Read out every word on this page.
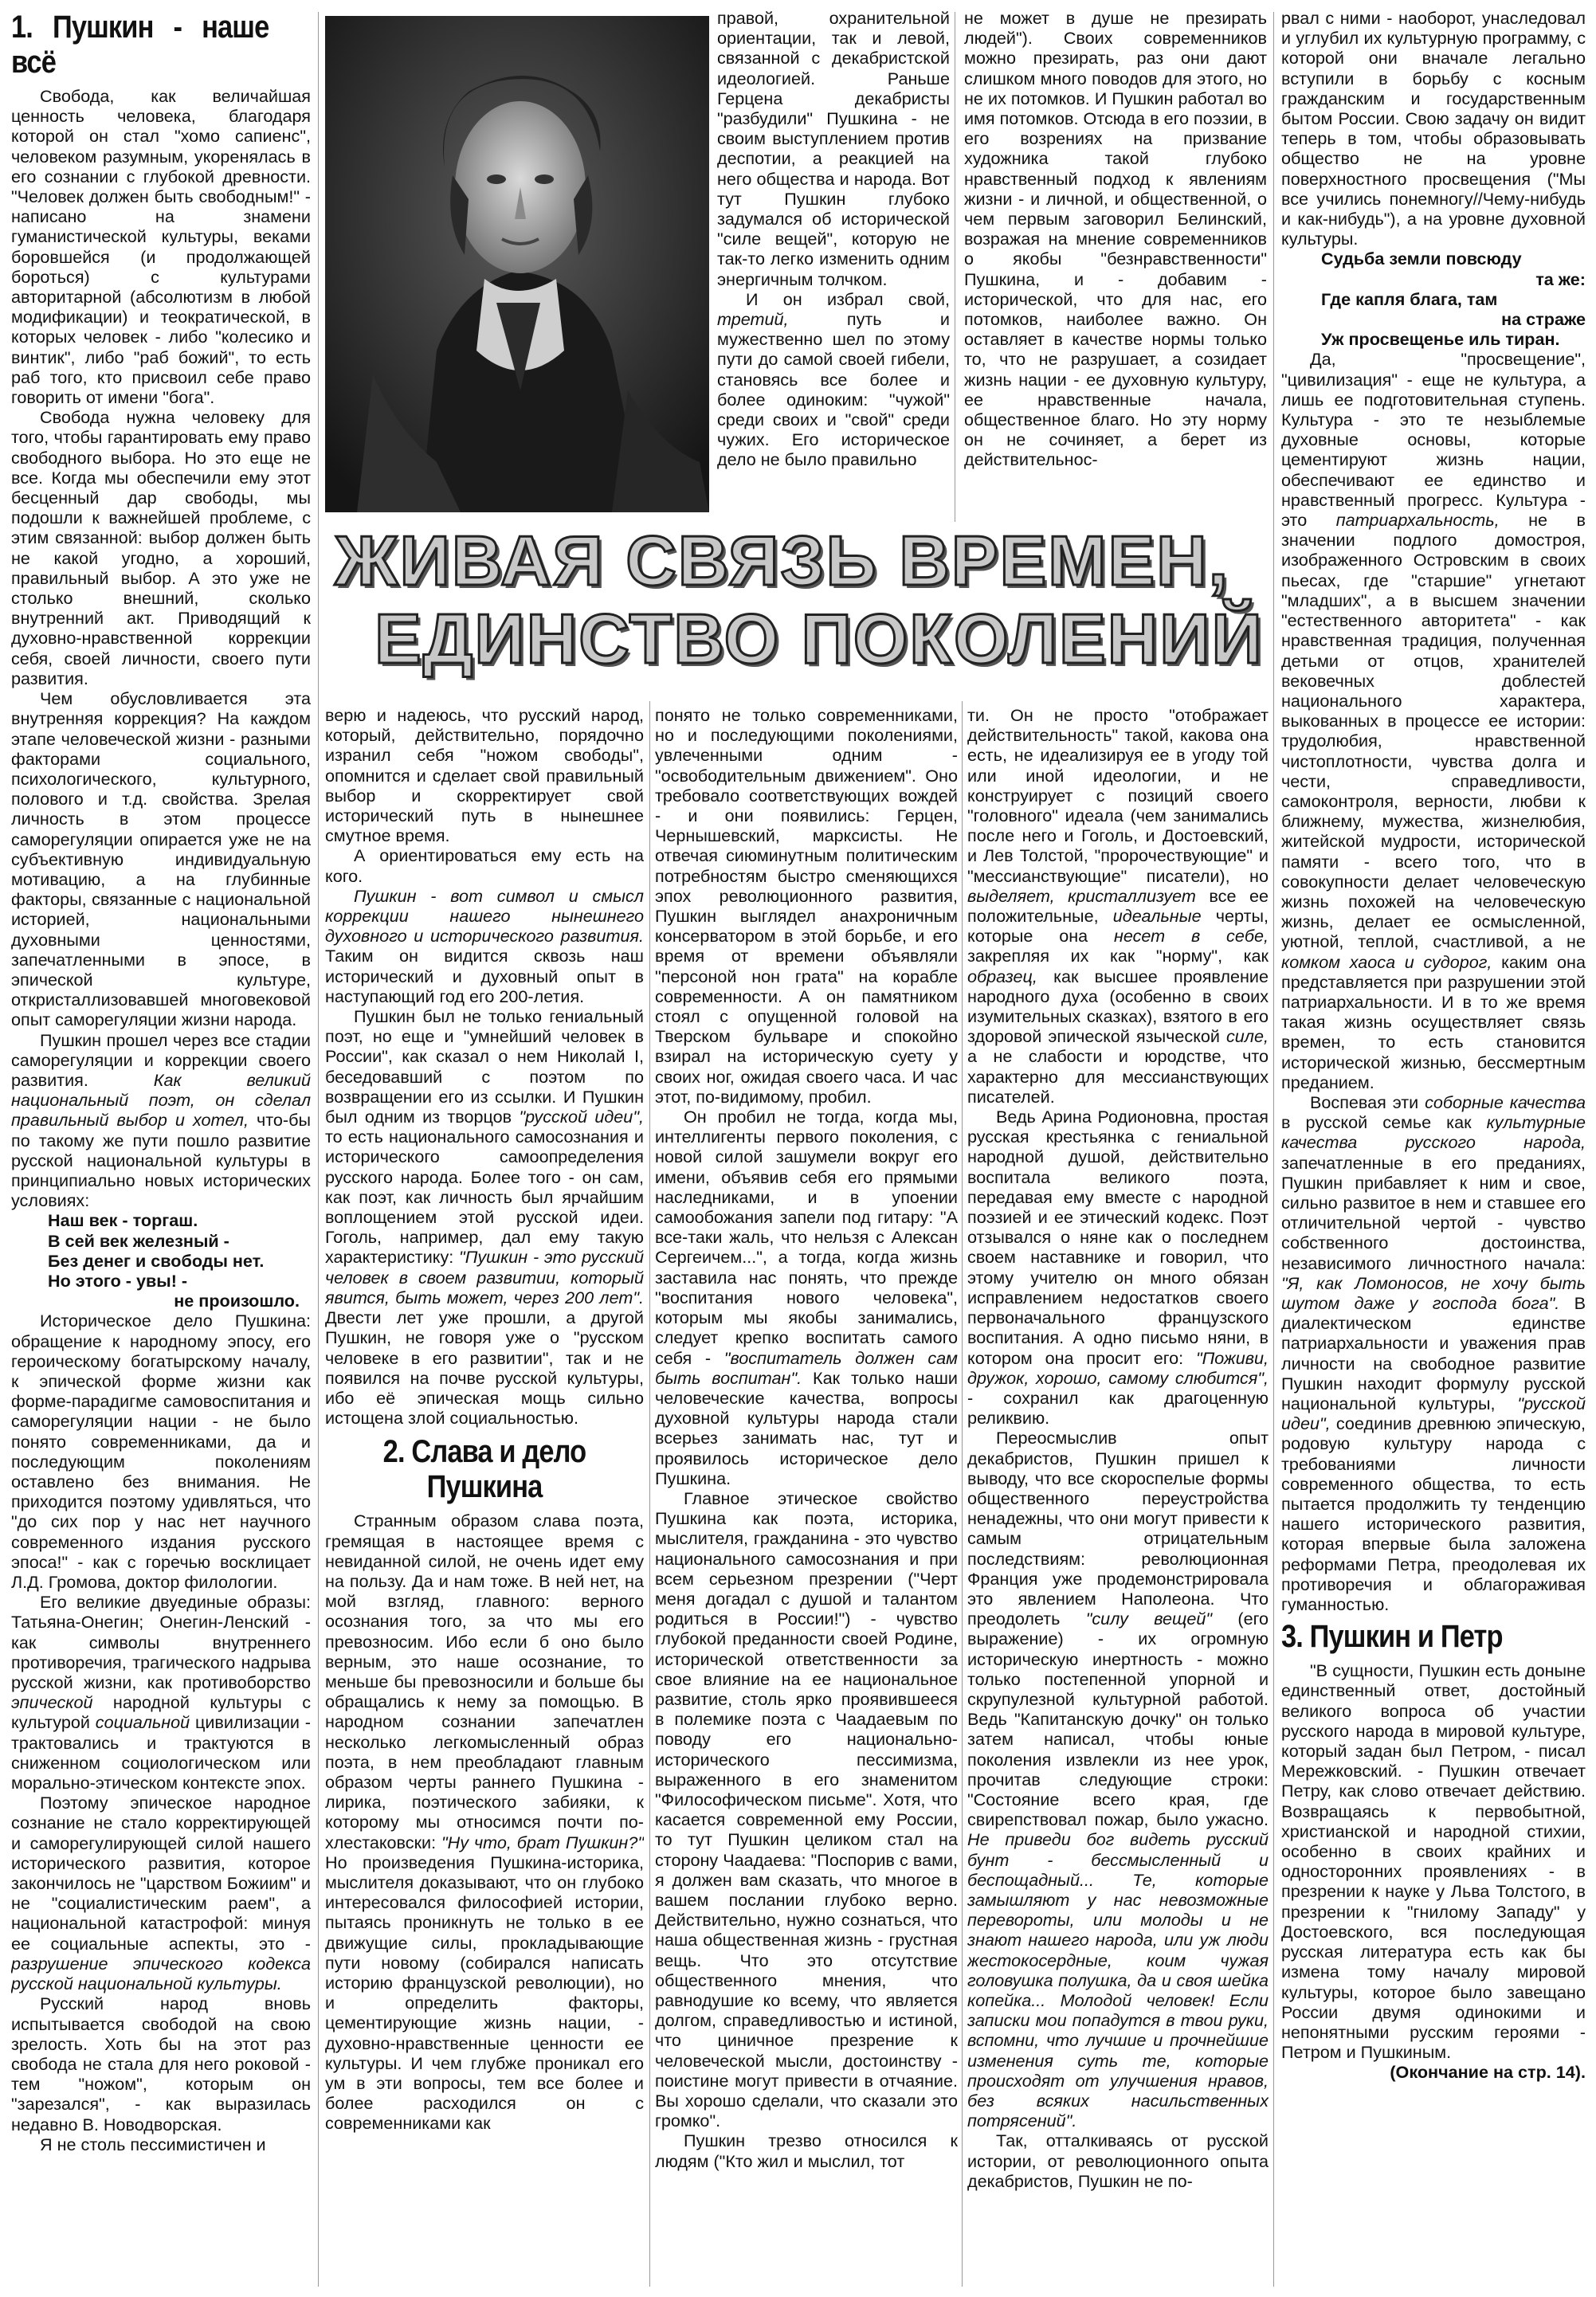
1. Пушкин - наше всё

Свобода, как величайшая ценность человека, благодаря которой он стал "хомо сапиенс", человеком разумным, укоренялась в его сознании с глубокой древности. "Человек должен быть свободным!" - написано на знамени гуманистической культуры, веками боровшейся (и продолжающей бороться) с культурами авторитарной (абсолютизм в любой модификации) и теократической, в которых человек - либо "колесико и винтик", либо "раб божий", то есть раб того, кто присвоил себе право говорить от имени "бога".

Свобода нужна человеку для того, чтобы гарантировать ему право свободного выбора. Но это еще не все. Когда мы обеспечили ему этот бесценный дар свободы, мы подошли к важнейшей проблеме, с этим связанной: выбор должен быть не какой угодно, а хороший, правильный выбор. А это уже не столько внешний, сколько внутренний акт. Приводящий к духовно-нравственной коррекции себя, своей личности, своего пути развития.

Чем обусловливается эта внутренняя коррекция? На каждом этапе человеческой жизни - разными факторами социального, психологического, культурного, полового и т.д. свойства. Зрелая личность в этом процессе саморегуляции опирается уже не на субъективную индивидуальную мотивацию, а на глубинные факторы, связанные с национальной историей, национальными духовными ценностями, запечатленными в эпосе, в эпической культуре, откристаллизовавшей многовековой опыт саморегуляции жизни народа.

Пушкин прошел через все стадии саморегуляции и коррекции своего развития. Как великий национальный поэт, он сделал правильный выбор и хотел, что-бы по такому же пути пошло развитие русской национальной культуры в принципиально новых исторических условиях:

Наш век - торгаш.
В сей век железный -
Без денег и свободы нет.
Но этого - увы! -
не произошло.

Историческое дело Пушкина: обращение к народному эпосу, его героическому богатырскому началу, к эпической форме жизни как форме-парадигме самовоспитания и саморегуляции нации - не было понято современниками, да и последующим поколениям оставлено без внимания. Не приходится поэтому удивляться, что "до сих пор у нас нет научного современного издания русского эпоса!" - как с горечью восклицает Л.Д. Громова, доктор филологии.

Его великие двуединые образы: Татьяна-Онегин; Онегин-Ленский - как символы внутреннего противоречия, трагического надрыва русской жизни, как противоборство эпической народной культуры с культурой социальной цивилизации - трактовались и трактуются в сниженном социологическом или морально-этическом контексте эпох.

Поэтому эпическое народное сознание не стало корректирующей и саморегулирующей силой нашего исторического развития, которое закончилось не "царством Божиим" и не "социалистическим раем", а национальной катастрофой: минуя ее социальные аспекты, это - разрушение эпического кодекса русской национальной культуры.

Русский народ вновь испытывается свободой на свою зрелость. Хоть бы на этот раз свобода не стала для него роковой - тем "ножом", которым он "зарезался", - как выразилась недавно В. Новодворская.

Я не столь пессимистичен и

правой, охранительной ориентации, так и левой, связанной с декабристской идеологией. Раньше Герцена декабристы "разбудили" Пушкина - не своим выступлением против деспотии, а реакцией на него общества и народа. Вот тут Пушкин глубоко задумался об исторической "силе вещей", которую не так-то легко изменить одним энергичным толчком.

И он избрал свой, третий, путь и мужественно шел по этому пути до самой своей гибели, становясь все более и более одиноким: "чужой" среди своих и "свой" среди чужих. Его историческое дело не было правильно

не может в душе не презирать людей"). Своих современников можно презирать, раз они дают слишком много поводов для этого, но не их потомков. И Пушкин работал во имя потомков. Отсюда в его поэзии, в его возрениях на призвание художника такой глубоко нравственный подход к явлениям жизни - и личной, и общественной, о чем первым заговорил Белинский, возражая на мнение современников о якобы "безнравственности" Пушкина, и - добавим - исторической, что для нас, его потомков, наиболее важно. Он оставляет в качестве нормы только то, что не разрушает, а созидает жизнь нации - ее духовную культуру, ее нравственные начала, общественное благо. Но эту норму он не сочиняет, а берет из действительнос-

ЖИВАЯ СВЯЗЬ ВРЕМЕН,
ЕДИНСТВО ПОКОЛЕНИЙ

рвал с ними - наоборот, унаследовал и углубил их культурную программу, с которой они вначале легально вступили в борьбу с косным гражданским и государственным бытом России. Свою задачу он видит теперь в том, чтобы образовывать общество не на уровне поверхностного просвещения ("Мы все учились понемногу//Чему-нибудь и как-нибудь"), а на уровне духовной культуры.

Судьба земли повсюду
та же:
Где капля блага, там
на страже
Уж просвещенье иль тиран.

Да, "просвещение", "цивилизация" - еще не культура, а лишь ее подготовительная ступень. Культура - это те незыблемые духовные основы, которые цементируют жизнь нации, обеспечивают ее единство и нравственный прогресс. Культура - это патриархальность, не в значении подлого домостроя, изображенного Островским в своих пьесах, где "старшие" угнетают "младших", а в высшем значении "естественного авторитета" - как нравственная традиция, полученная детьми от отцов, хранителей вековечных доблестей национального характера, выкованных в процессе ее истории: трудолюбия, нравственной чистоплотности, чувства долга и чести, справедливости, самоконтроля, верности, любви к ближнему, мужества, жизнелюбия, житейской мудрости, исторической памяти - всего того, что в совокупности делает человеческую жизнь похожей на человеческую жизнь, делает ее осмысленной, уютной, теплой, счастливой, а не комком хаоса и судорог, каким она представляется при разрушении этой патриархальности. И в то же время такая жизнь осуществляет связь времен, то есть становится исторической жизнью, бессмертным преданием.

Воспевая эти соборные качества в русской семье как культурные качества русского народа, запечатленные в его преданиях, Пушкин прибавляет к ним и свое, сильно развитое в нем и ставшее его отличительной чертой - чувство собственного достоинства, независимого личностного начала: "Я, как Ломоносов, не хочу быть шутом даже у господа бога". В диалектическом единстве патриархальности и уважения прав личности на свободное развитие Пушкин находит формулу русской национальной культуры, "русской идеи", соединив древнюю эпическую, родовую культуру народа с требованиями личности современного общества, то есть пытается продолжить ту тенденцию нашего исторического развития, которая впервые была заложена реформами Петра, преодолевая их противоречия и облагораживая гуманностью.

3. Пушкин и Петр

"В сущности, Пушкин есть доныне единственный ответ, достойный великого вопроса об участии русского народа в мировой культуре, который задан был Петром, - писал Мережковский. - Пушкин отвечает Петру, как слово отвечает действию. Возвращаясь к первобытной, христианской и народной стихии, особенно в своих крайних и односторонних проявлениях - в презрении к науке у Льва Толстого, в презрении к "гнилому Западу" у Достоевского, вся последующая русская литература есть как бы измена тому началу мировой культуры, которое было завещано России двумя одинокими и непонятными русским героями - Петром и Пушкиным.

(Окончание на стр. 14).

верю и надеюсь, что русский народ, который, действительно, порядочно изранил себя "ножом свободы", опомнится и сделает свой правильный выбор и скорректирует свой исторический путь в нынешнее смутное время.

А ориентироваться ему есть на кого.

Пушкин - вот символ и смысл коррекции нашего нынешнего духовного и исторического развития. Таким он видится сквозь наш исторический и духовный опыт в наступающий год его 200-летия.

Пушкин был не только гениальный поэт, но еще и "умнейший человек в России", как сказал о нем Николай I, беседовавший с поэтом по возвращении его из ссылки. И Пушкин был одним из творцов "русской идеи", то есть национального самосознания и исторического самоопределения русского народа. Более того - он сам, как поэт, как личность был ярчайшим воплощением этой русской идеи. Гоголь, например, дал ему такую характеристику: "Пушкин - это русский человек в своем развитии, который явится, быть может, через 200 лет". Двести лет уже прошли, а другой Пушкин, не говоря уже о "русском человеке в его развитии", так и не появился на почве русской культуры, ибо её эпическая мощь сильно истощена злой социальностью.

2. Слава и дело Пушкина

Странным образом слава поэта, гремящая в настоящее время с невиданной силой, не очень идет ему на пользу. Да и нам тоже. В ней нет, на мой взгляд, главного: верного осознания того, за что мы его превозносим. Ибо если б оно было верным, это наше осознание, то меньше бы превозносили и больше бы обращались к нему за помощью. В народном сознании запечатлен несколько легкомысленный образ поэта, в нем преобладают главным образом черты раннего Пушкина - лирика, поэтического забияки, к которому мы относимся почти по-хлестаковски: "Ну что, брат Пушкин?" Но произведения Пушкина-историка, мыслителя доказывают, что он глубоко интересовался философией истории, пытаясь проникнуть не только в ее движущие силы, прокладывающие пути новому (собирался написать историю французской революции), но и определить факторы, цементирующие жизнь нации, - духовно-нравственные ценности ее культуры. И чем глубже проникал его ум в эти вопросы, тем все более и более расходился он с современниками как

понято не только современниками, но и последующими поколениями, увлеченными одним - "освободительным движением". Оно требовало соответствующих вождей - и они появились: Герцен, Чернышевский, марксисты. Не отвечая сиюминутным политическим потребностям быстро сменяющихся эпох революционного развития, Пушкин выглядел анахроничным консерватором в этой борьбе, и его время от времени объявляли "персоной нон грата" на корабле современности. А он памятником стоял с опущенной головой на Тверском бульваре и спокойно взирал на историческую суету у своих ног, ожидая своего часа. И час этот, по-видимому, пробил.

Он пробил не тогда, когда мы, интеллигенты первого поколения, с новой силой зашумели вокруг его имени, объявив себя его прямыми наследниками, и в упоении самообожания запели под гитару: "А все-таки жаль, что нельзя с Алексан Сергеичем...", а тогда, когда жизнь заставила нас понять, что прежде "воспитания нового человека", которым мы якобы занимались, следует крепко воспитать самого себя - "воспитатель должен сам быть воспитан". Как только наши человеческие качества, вопросы духовной культуры народа стали всерьез занимать нас, тут и проявилось историческое дело Пушкина.

Главное этическое свойство Пушкина как поэта, историка, мыслителя, гражданина - это чувство национального самосознания и при всем серьезном презрении ("Черт меня догадал с душой и талантом родиться в России!") - чувство глубокой преданности своей Родине, исторической ответственности за свое влияние на ее национальное развитие, столь ярко проявившееся в полемике поэта с Чаадаевым по поводу его национально-исторического пессимизма, выраженного в его знаменитом "Философическом письме". Хотя, что касается современной ему России, то тут Пушкин целиком стал на сторону Чаадаева: "Поспорив с вами, я должен вам сказать, что многое в вашем послании глубоко верно. Действительно, нужно сознаться, что наша общественная жизнь - грустная вещь. Что это отсутствие общественного мнения, что равнодушие ко всему, что является долгом, справедливостью и истиной, что циничное презрение к человеческой мысли, достоинству - поистине могут привести в отчаяние. Вы хорошо сделали, что сказали это громко".

Пушкин трезво относился к людям ("Кто жил и мыслил, тот

ти. Он не просто "отображает действительность" такой, какова она есть, не идеализируя ее в угоду той или иной идеологии, и не конструирует с позиций своего "головного" идеала (чем занимались после него и Гоголь, и Достоевский, и Лев Толстой, "пророчествующие" и "мессианствующие" писатели), но выделяет, кристаллизует все ее положительные, идеальные черты, которые она несет в себе, закрепляя их как "норму", как образец, как высшее проявление народного духа (особенно в своих изумительных сказках), взятого в его здоровой эпической языческой силе, а не слабости и юродстве, что характерно для мессианствующих писателей.

Ведь Арина Родионовна, простая русская крестьянка с гениальной народной душой, действительно воспитала великого поэта, передавая ему вместе с народной поэзией и ее этический кодекс. Поэт отзывался о няне как о последнем своем наставнике и говорил, что этому учителю он много обязан исправлением недостатков своего первоначального французского воспитания. А одно письмо няни, в котором она просит его: "Поживи, дружок, хорошо, самому слюбится", - сохранил как драгоценную реликвию.

Переосмыслив опыт декабристов, Пушкин пришел к выводу, что все скороспелые формы общественного переустройства ненадежны, что они могут привести к самым отрицательным последствиям: революционная Франция уже продемонстрировала это явлением Наполеона. Что преодолеть "силу вещей" (его выражение) - их огромную историческую инертность - можно только постепенной упорной и скрупулезной культурной работой. Ведь "Капитанскую дочку" он только затем написал, чтобы юные поколения извлекли из нее урок, прочитав следующие строки: "Состояние всего края, где свирепствовал пожар, было ужасно. Не приведи бог видеть русский бунт - бессмысленный и беспощадный... Те, которые замышляют у нас невозможные перевороты, или молоды и не знают нашего народа, или уж люди жестокосердные, коим чужая головушка полушка, да и своя шейка копейка... Молодой человек! Если записки мои попадутся в твои руки, вспомни, что лучшие и прочнейшие изменения суть те, которые происходят от улучшения нравов, без всяких насильственных потрясений".

Так, отталкиваясь от русской истории, от революционного опыта декабристов, Пушкин не по-
